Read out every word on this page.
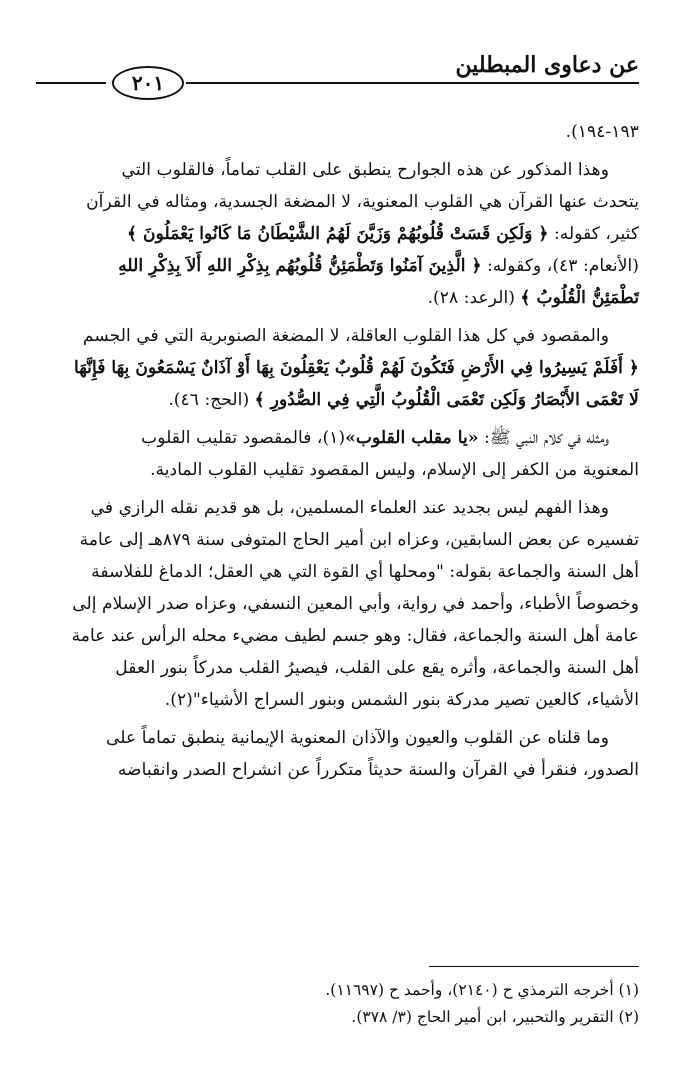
عن دعاوى المبطلين
٢٠١

١٩٣-١٩٤).

وهذا المذكور عن هذه الجوارح ينطبق على القلب تماماً، فالقلوب التي
يتحدث عنها القرآن هي القلوب المعنوية، لا المضغة الجسدية، ومثاله في القرآن
كثير، كقوله: ﴿ وَلَكِن قَسَتْ قُلُوبُهُمْ وَزَيَّنَ لَهُمُ الشَّيْطَانُ مَا كَانُوا يَعْمَلُونَ ﴾
(الأنعام: ٤٣)، وكقوله: ﴿ الَّذِينَ آمَنُوا وَتَطْمَئِنُّ قُلُوبُهُم بِذِكْرِ اللهِ أَلاَ بِذِكْرِ اللهِ
تَطْمَئِنُّ الْقُلُوبُ ﴾ (الرعد: ٢٨).

والمقصود في كل هذا القلوب العاقلة، لا المضغة الصنوبرية التي في الجسم
﴿ أَفَلَمْ يَسِيرُوا فِي الأَرْضِ فَتَكُونَ لَهُمْ قُلُوبٌ يَعْقِلُونَ بِهَا أَوْ آذَانٌ يَسْمَعُونَ بِهَا فَإِنَّهَا
لَا تَعْمَى الأَبْصَارُ وَلَكِن تَعْمَى الْقُلُوبُ الَّتِي فِي الصُّدُورِ ﴾ (الحج: ٤٦).

ومثله في كلام النبي ﷺ: «يا مقلب القلوب»(١)، فالمقصود تقليب القلوب
المعنوية من الكفر إلى الإسلام، وليس المقصود تقليب القلوب المادية.

وهذا الفهم ليس بجديد عند العلماء المسلمين، بل هو قديم نقله الرازي في
تفسيره عن بعض السابقين، وعزاه ابن أمير الحاج المتوفى سنة ٨٧٩هـ إلى عامة
أهل السنة والجماعة بقوله: "ومحلها أي القوة التي هي العقل؛ الدماغ للفلاسفة
وخصوصاً الأطباء، وأحمد في رواية، وأبي المعين النسفي، وعزاه صدر الإسلام إلى
عامة أهل السنة والجماعة، فقال: وهو جسم لطيف مضيء محله الرأس عند عامة
أهل السنة والجماعة، وأثره يقع على القلب، فيصيرُ القلب مدركاً بنور العقل
الأشياء، كالعين تصير مدركة بنور الشمس وبنور السراج الأشياء"(٢).

وما قلناه عن القلوب والعيون والآذان المعنوية الإيمانية ينطبق تماماً على
الصدور، فنقرأ في القرآن والسنة حديثاً متكرراً عن انشراح الصدر وانقباضه

(١) أخرجه الترمذي ح (٢١٤٠)، وأحمد ح (١١٦٩٧).

(٢) التقرير والتحبير، ابن أمير الحاج (٣/ ٣٧٨).
